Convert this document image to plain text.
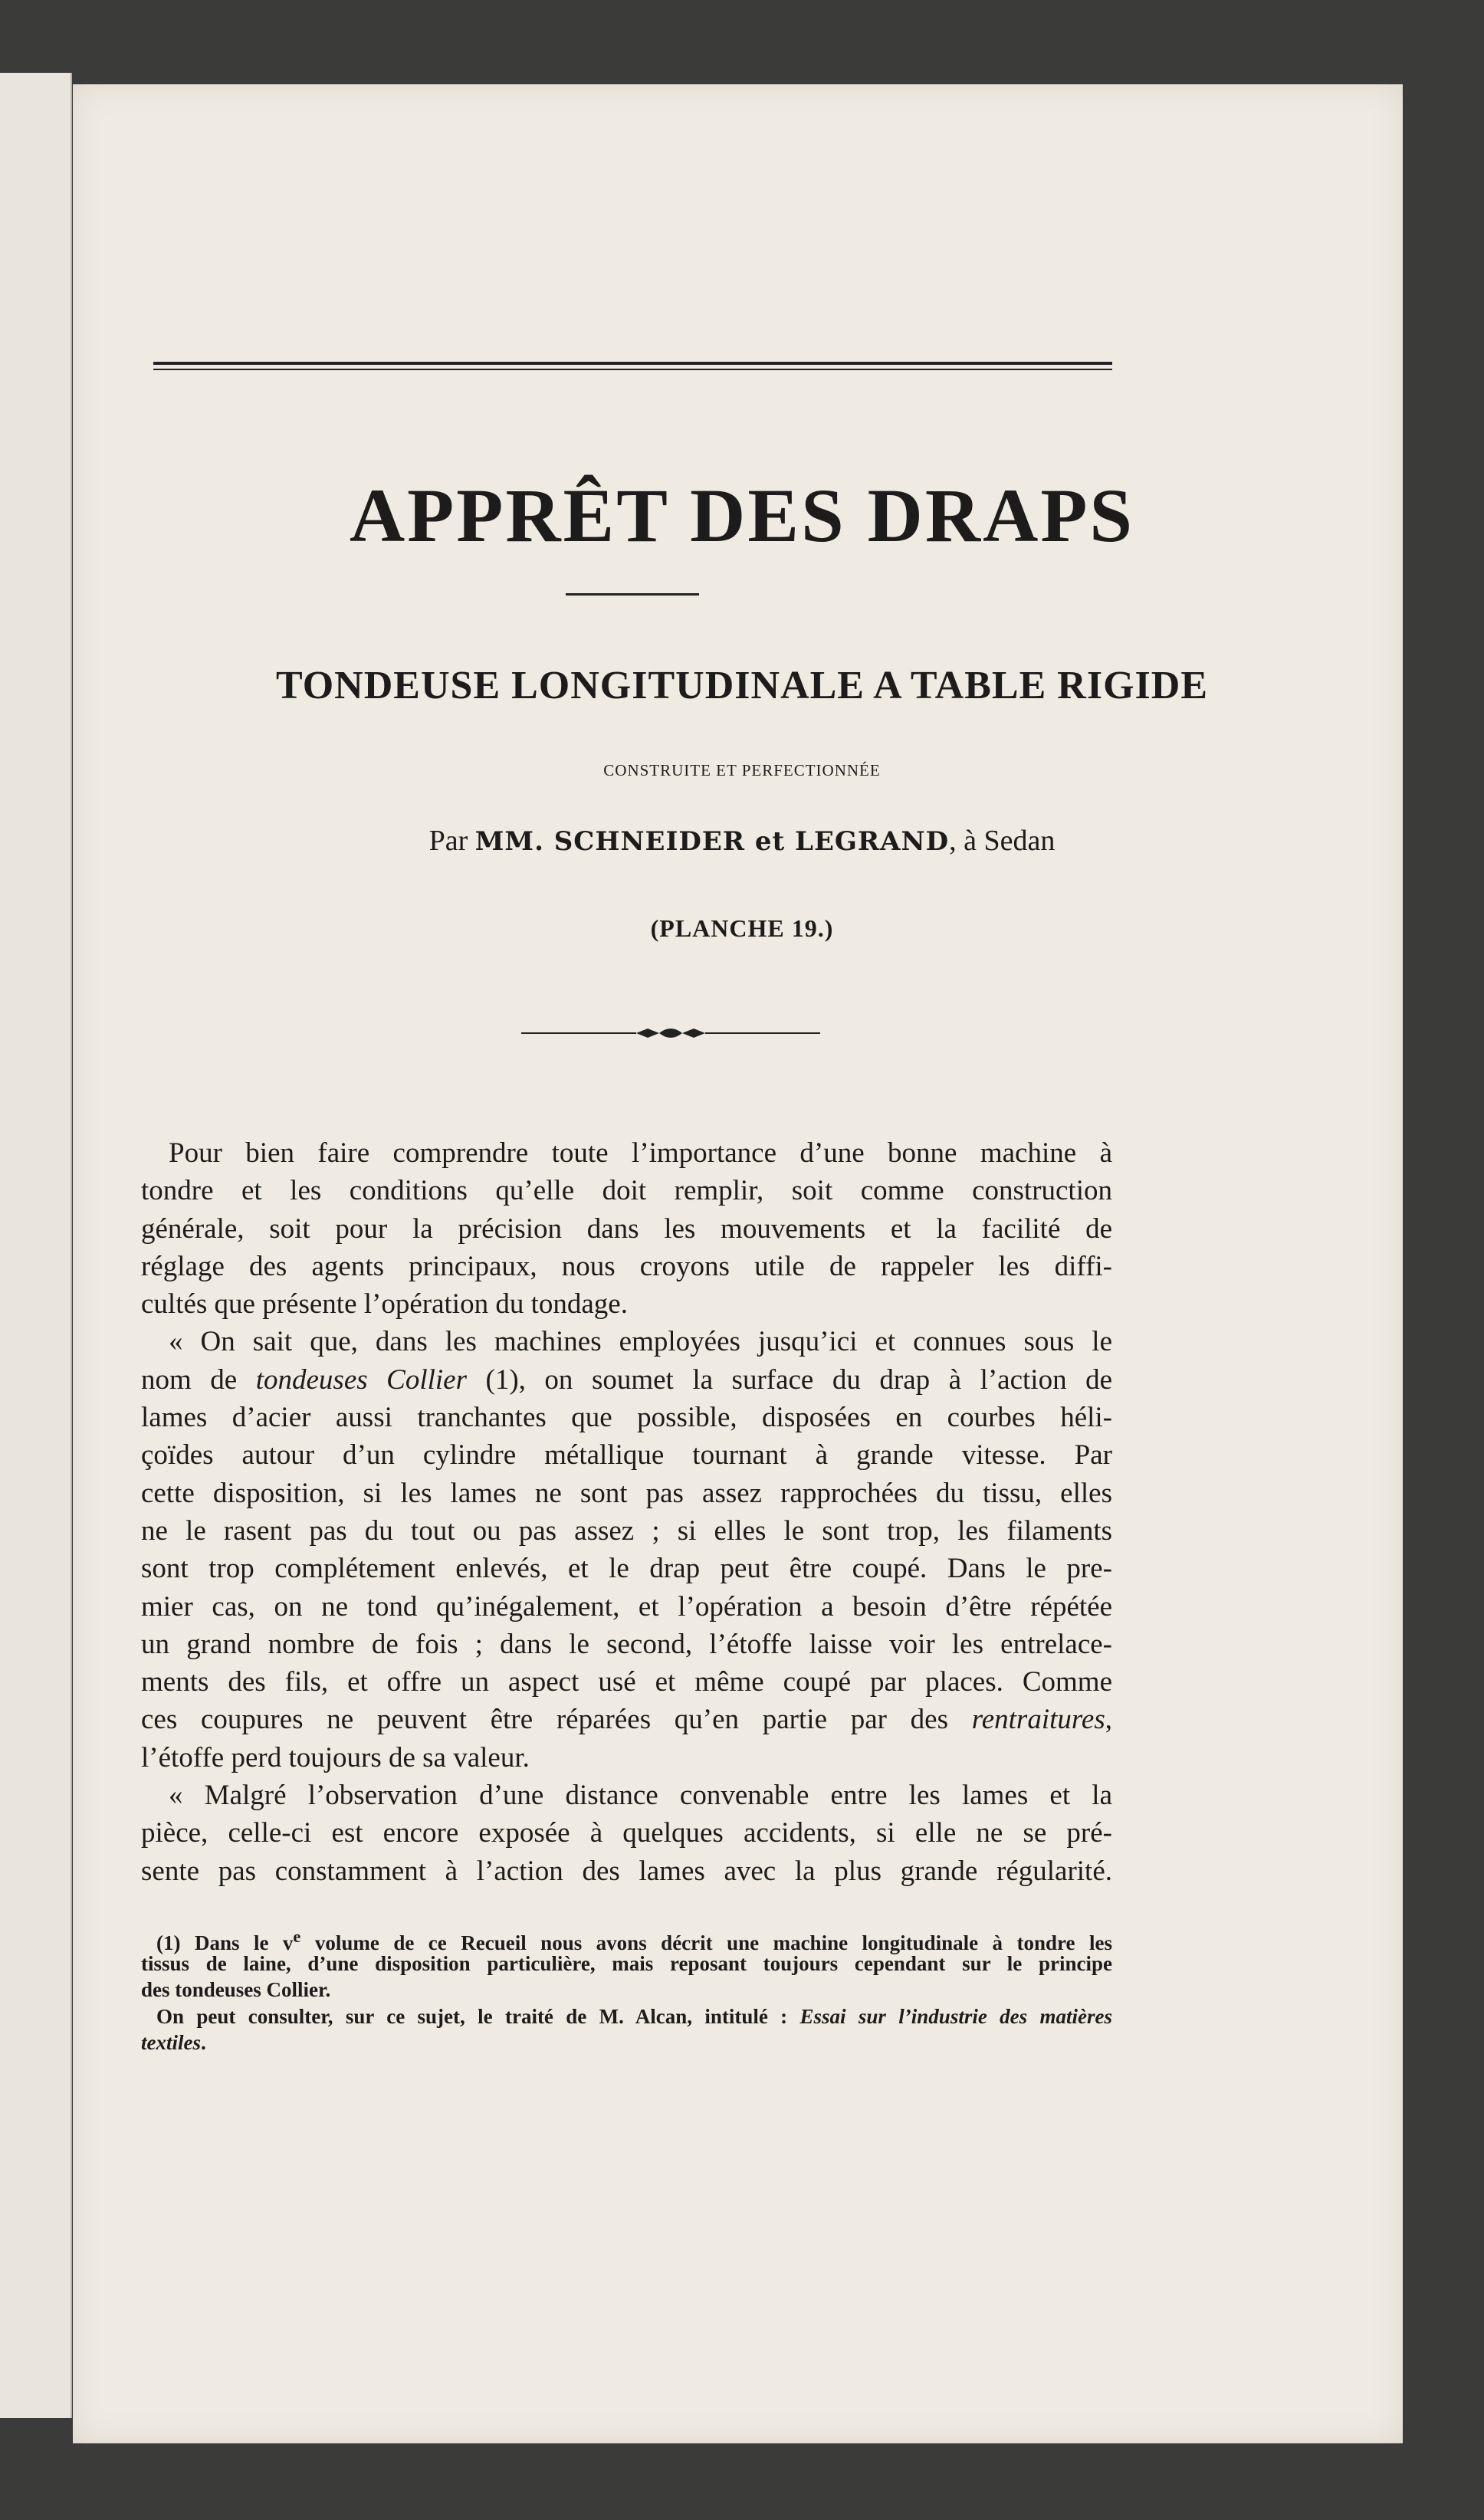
APPRÊT DES DRAPS
TONDEUSE LONGITUDINALE A TABLE RIGIDE
CONSTRUITE ET PERFECTIONNÉE
Par MM. SCHNEIDER et LEGRAND, à Sedan
(PLANCHE 19.)
Pour bien faire comprendre toute l’importance d’une bonne machine à
tondre et les conditions qu’elle doit remplir, soit comme construction
générale, soit pour la précision dans les mouvements et la facilité de
réglage des agents principaux, nous croyons utile de rappeler les diffi-
cultés que présente l’opération du tondage.
« On sait que, dans les machines employées jusqu’ici et connues sous le
nom de tondeuses Collier (1), on soumet la surface du drap à l’action de
lames d’acier aussi tranchantes que possible, disposées en courbes héli-
çoïdes autour d’un cylindre métallique tournant à grande vitesse. Par
cette disposition, si les lames ne sont pas assez rapprochées du tissu, elles
ne le rasent pas du tout ou pas assez ; si elles le sont trop, les filaments
sont trop complétement enlevés, et le drap peut être coupé. Dans le pre-
mier cas, on ne tond qu’inégalement, et l’opération a besoin d’être répétée
un grand nombre de fois ; dans le second, l’étoffe laisse voir les entrelace-
ments des fils, et offre un aspect usé et même coupé par places. Comme
ces coupures ne peuvent être réparées qu’en partie par des rentraitures,
l’étoffe perd toujours de sa valeur.
« Malgré l’observation d’une distance convenable entre les lames et la
pièce, celle-ci est encore exposée à quelques accidents, si elle ne se pré-
sente pas constamment à l’action des lames avec la plus grande régularité.
(1) Dans le $v^e$ volume de ce Recueil nous avons décrit une machine longitudinale à tondre les
tissus de laine, d’une disposition particulière, mais reposant toujours cependant sur le principe
des tondeuses Collier.
On peut consulter, sur ce sujet, le traité de M. Alcan, intitulé : Essai sur l’industrie des matières
textiles.
